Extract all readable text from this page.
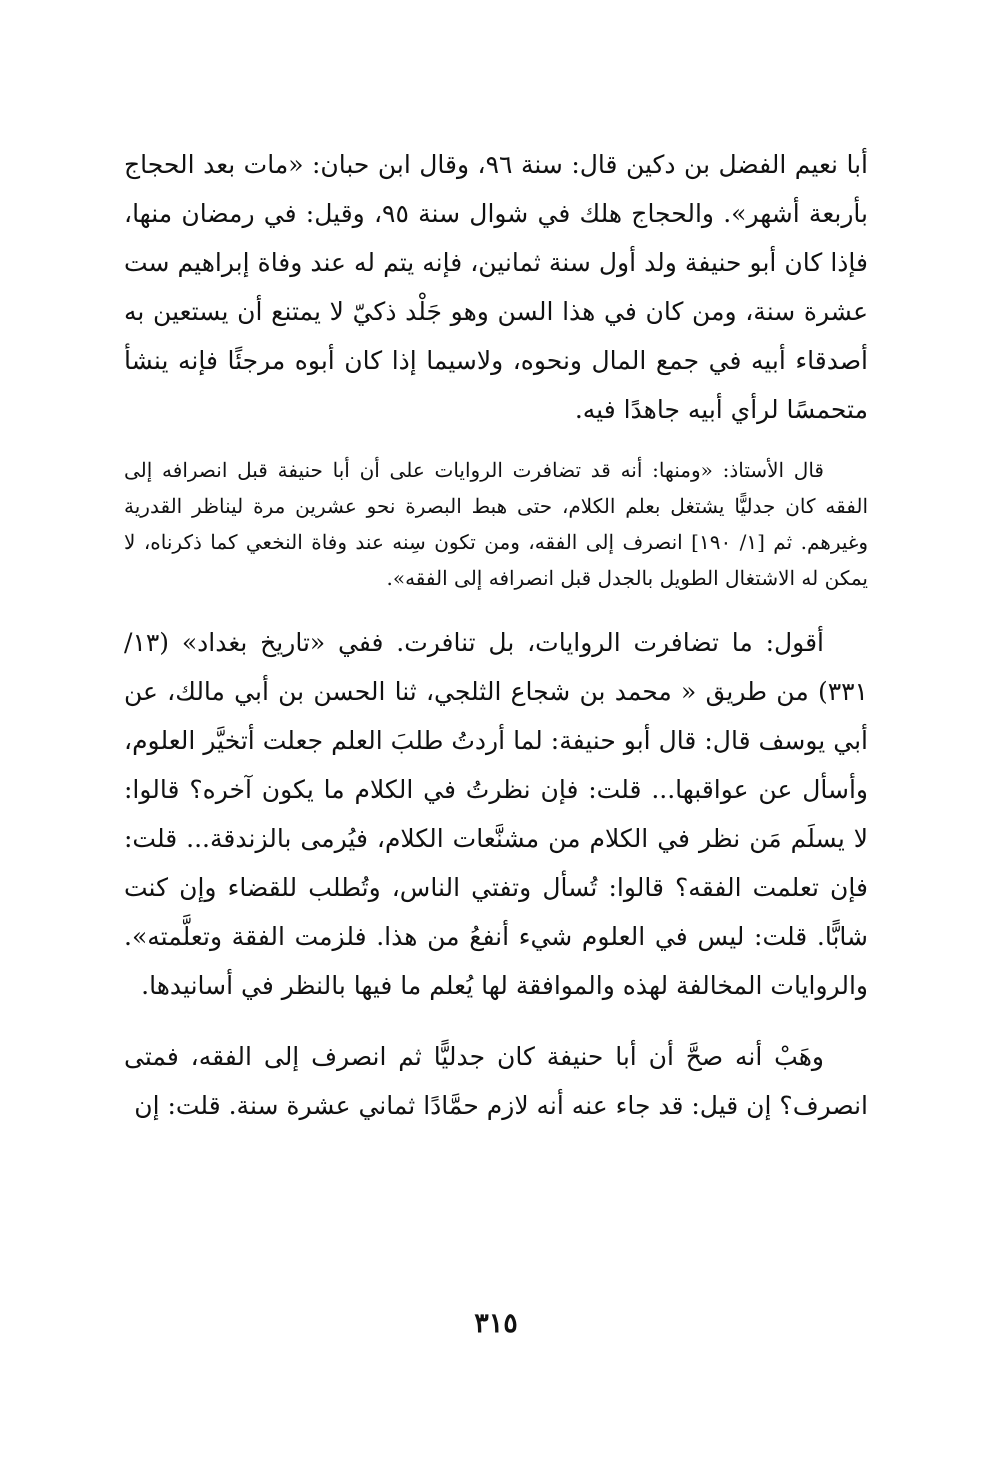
أبا نعيم الفضل بن دكين قال: سنة ٩٦، وقال ابن حبان: «مات بعد الحجاج بأربعة أشهر». والحجاج هلك في شوال سنة ٩٥، وقيل: في رمضان منها، فإذا كان أبو حنيفة ولد أول سنة ثمانين، فإنه يتم له عند وفاة إبراهيم ست عشرة سنة، ومن كان في هذا السن وهو جَلْد ذكيّ لا يمتنع أن يستعين به أصدقاء أبيه في جمع المال ونحوه، ولاسيما إذا كان أبوه مرجئًا فإنه ينشأ متحمسًا لرأي أبيه جاهدًا فيه.

قال الأستاذ: «ومنها: أنه قد تضافرت الروايات على أن أبا حنيفة قبل انصرافه إلى الفقه كان جدليًّا يشتغل بعلم الكلام، حتى هبط البصرة نحو عشرين مرة ليناظر القدرية وغيرهم. ثم [١/ ١٩٠] انصرف إلى الفقه، ومن تكون سِنه عند وفاة النخعي كما ذكرناه، لا يمكن له الاشتغال الطويل بالجدل قبل انصرافه إلى الفقه».

أقول: ما تضافرت الروايات، بل تنافرت. ففي «تاريخ بغداد» (١٣/ ٣٣١) من طريق « محمد بن شجاع الثلجي، ثنا الحسن بن أبي مالك، عن أبي يوسف قال: قال أبو حنيفة: لما أردتُ طلبَ العلم جعلت أتخيَّر العلوم، وأسأل عن عواقبها... قلت: فإن نظرتُ في الكلام ما يكون آخره؟ قالوا: لا يسلَم مَن نظر في الكلام من مشنَّعات الكلام، فيُرمى بالزندقة... قلت: فإن تعلمت الفقه؟ قالوا: تُسأل وتفتي الناس، وتُطلب للقضاء وإن كنت شابًّا. قلت: ليس في العلوم شيء أنفعُ من هذا. فلزمت الفقة وتعلَّمته». والروايات المخالفة لهذه والموافقة لها يُعلم ما فيها بالنظر في أسانيدها.

وهَبْ أنه صحَّ أن أبا حنيفة كان جدليًّا ثم انصرف إلى الفقه، فمتى انصرف؟ إن قيل: قد جاء عنه أنه لازم حمَّادًا ثماني عشرة سنة. قلت: إن

٣١٥
